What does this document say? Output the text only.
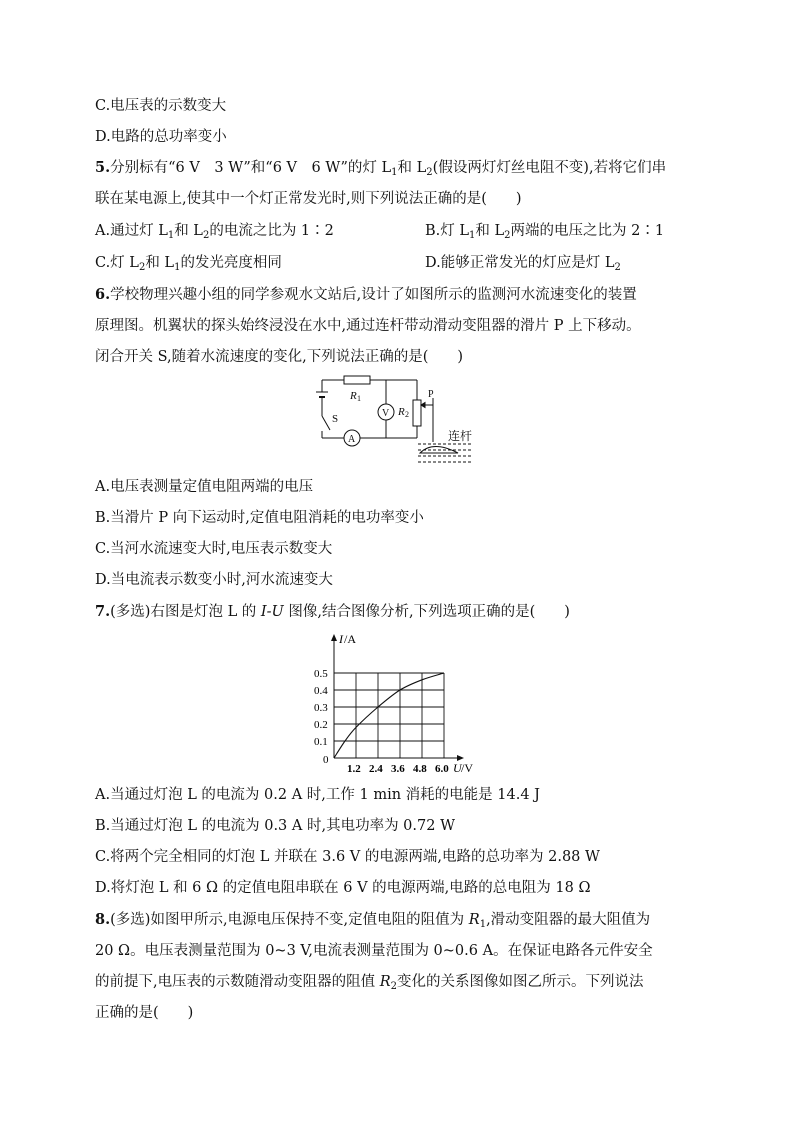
C.电压表的示数变大
D.电路的总功率变小
5.分别标有“6 V　3 W”和“6 V　6 W”的灯 $L_1$和 $L_2$(假设两灯灯丝电阻不变),若将它们串
联在某电源上,使其中一个灯正常发光时,则下列说法正确的是(　　)
A.通过灯 $L_1$和 $L_2$的电流之比为 1∶2	B.灯 $L_1$和 $L_2$两端的电压之比为 2∶1
C.灯 $L_2$和 $L_1$的发光亮度相同	D.能够正常发光的灯应是灯 $L_2$
6.学校物理兴趣小组的同学参观水文站后,设计了如图所示的监测河水流速变化的装置
原理图。机翼状的探头始终浸没在水中,通过连杆带动滑动变阻器的滑片 P 上下移动。
闭合开关 S,随着水流速度的变化,下列说法正确的是(　　)
R 1
R 2
V
A
S
P
连杆
A.电压表测量定值电阻两端的电压
B.当滑片 P 向下运动时,定值电阻消耗的电功率变小
C.当河水流速变大时,电压表示数变大
D.当电流表示数变小时,河水流速变大
7.(多选)右图是灯泡 L 的 I-U 图像,结合图像分析,下列选项正确的是(　　)
0.1
0.2
0.3
0.4
0.5
1.2 2.4 3.6 4.8 6.0
I /A
U /V
0
A.当通过灯泡 L 的电流为 0.2 A 时,工作 1 min 消耗的电能是 14.4 J
B.当通过灯泡 L 的电流为 0.3 A 时,其电功率为 0.72 W
C.将两个完全相同的灯泡 L 并联在 3.6 V 的电源两端,电路的总功率为 2.88 W
D.将灯泡 L 和 6 Ω 的定值电阻串联在 6 V 的电源两端,电路的总电阻为 18 Ω
8.(多选)如图甲所示,电源电压保持不变,定值电阻的阻值为 $R_1$,滑动变阻器的最大阻值为
20 Ω。电压表测量范围为 0~3 V,电流表测量范围为 0~0.6 A。在保证电路各元件安全
的前提下,电压表的示数随滑动变阻器的阻值 $R_2$变化的关系图像如图乙所示。下列说法
正确的是(　　)
